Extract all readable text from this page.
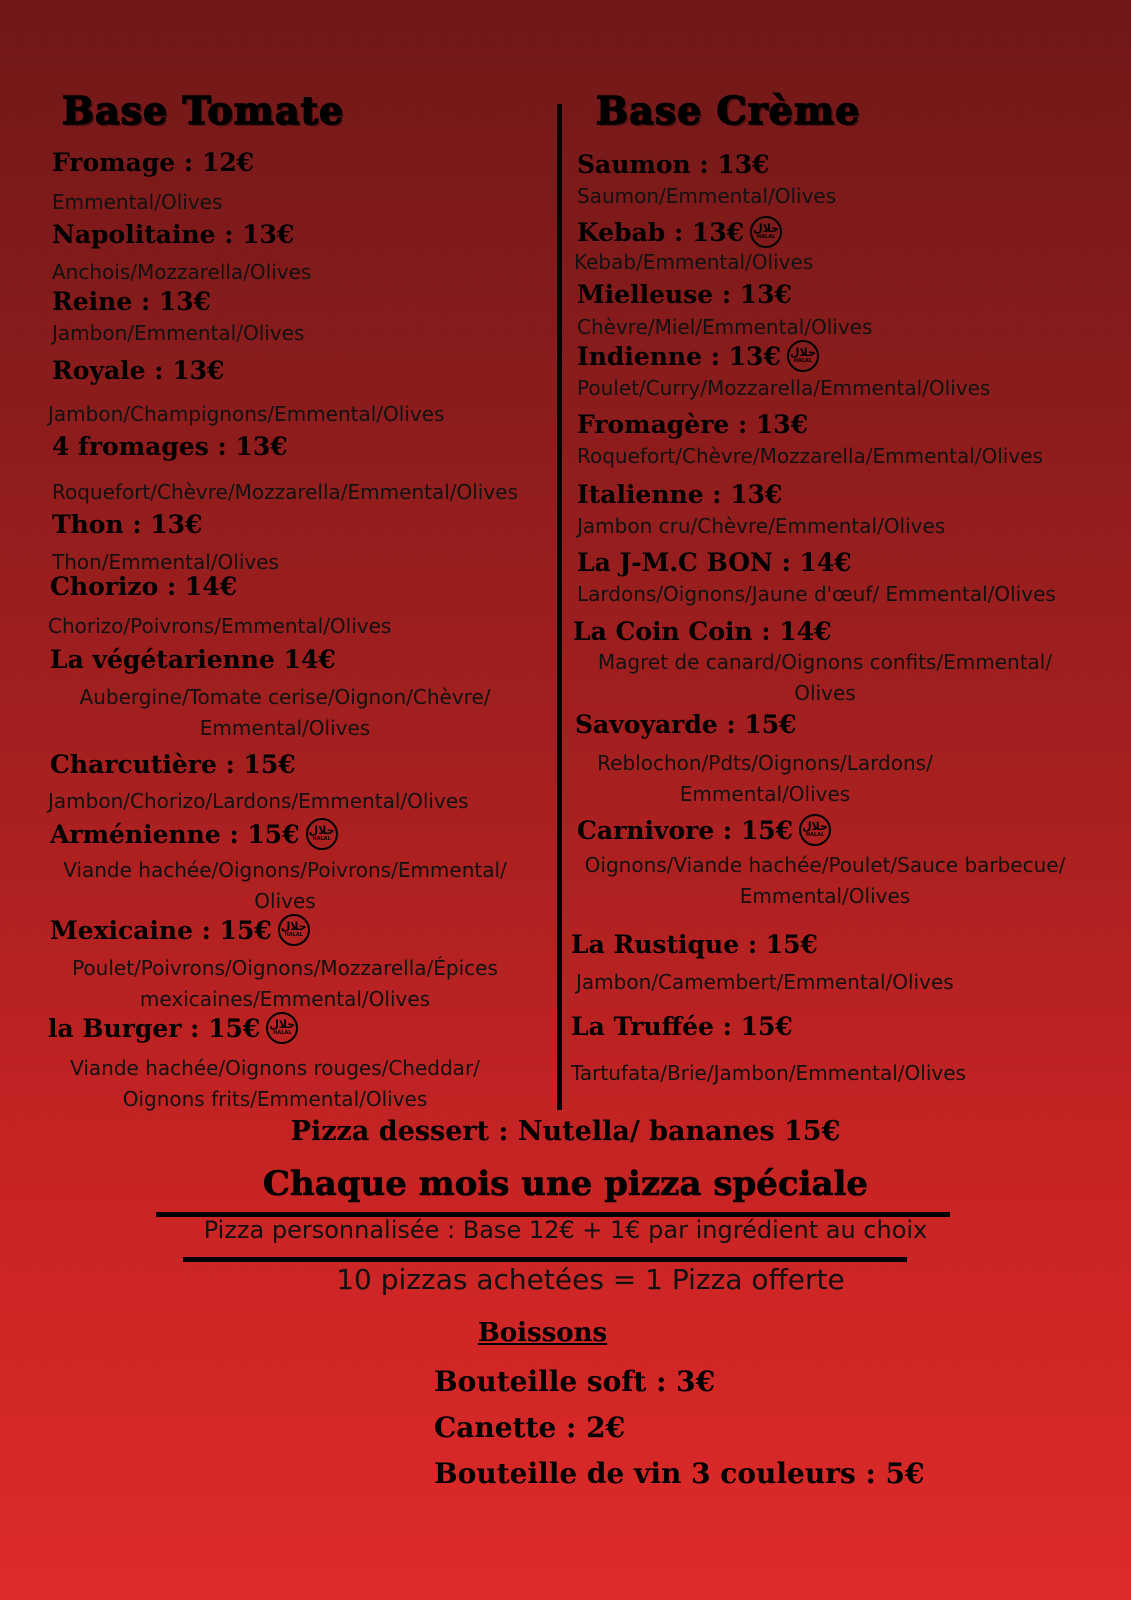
Base Tomate	Base Crème
Fromage : 12€
Emmental/Olives
Napolitaine : 13€
Anchois/Mozzarella/Olives
Reine : 13€
Jambon/Emmental/Olives
Royale : 13€
Jambon/Champignons/Emmental/Olives
4 fromages : 13€
Roquefort/Chèvre/Mozzarella/Emmental/Olives
Thon : 13€
Thon/Emmental/Olives
Chorizo : 14€
Chorizo/Poivrons/Emmental/Olives
La végétarienne 14€
Aubergine/Tomate cerise/Oignon/Chèvre/
Emmental/Olives
Charcutière : 15€
Jambon/Chorizo/Lardons/Emmental/Olives
Arménienne : 15€ حلال
HALAL
Viande hachée/Oignons/Poivrons/Emmental/
Olives
Mexicaine : 15€ حلال
HALAL
Poulet/Poivrons/Oignons/Mozzarella/Épices
mexicaines/Emmental/Olives
la Burger : 15€ حلال
HALAL
Viande hachée/Oignons rouges/Cheddar/
Oignons frits/Emmental/Olives
Saumon : 13€
Saumon/Emmental/Olives
Kebab : 13€ حلال
HALAL
Kebab/Emmental/Olives
Mielleuse : 13€
Chèvre/Miel/Emmental/Olives
Indienne : 13€ حلال
HALAL
Poulet/Curry/Mozzarella/Emmental/Olives
Fromagère : 13€
Roquefort/Chèvre/Mozzarella/Emmental/Olives
Italienne : 13€
Jambon cru/Chèvre/Emmental/Olives
La J-M.C BON : 14€
Lardons/Oignons/Jaune d'œuf/ Emmental/Olives
La Coin Coin : 14€
Magret de canard/Oignons confits/Emmental/
Olives
Savoyarde : 15€
Reblochon/Pdts/Oignons/Lardons/
Emmental/Olives
Carnivore : 15€ حلال
HALAL
Oignons/Viande hachée/Poulet/Sauce barbecue/
Emmental/Olives
La Rustique : 15€
Jambon/Camembert/Emmental/Olives
La Truffée : 15€
Tartufata/Brie/Jambon/Emmental/Olives
Pizza dessert : Nutella/ bananes 15€
Chaque mois une pizza spéciale
Pizza personnalisée : Base 12€ + 1€ par ingrédient au choix
10 pizzas achetées = 1 Pizza offerte
Boissons
Bouteille soft : 3€
Canette : 2€
Bouteille de vin 3 couleurs : 5€
